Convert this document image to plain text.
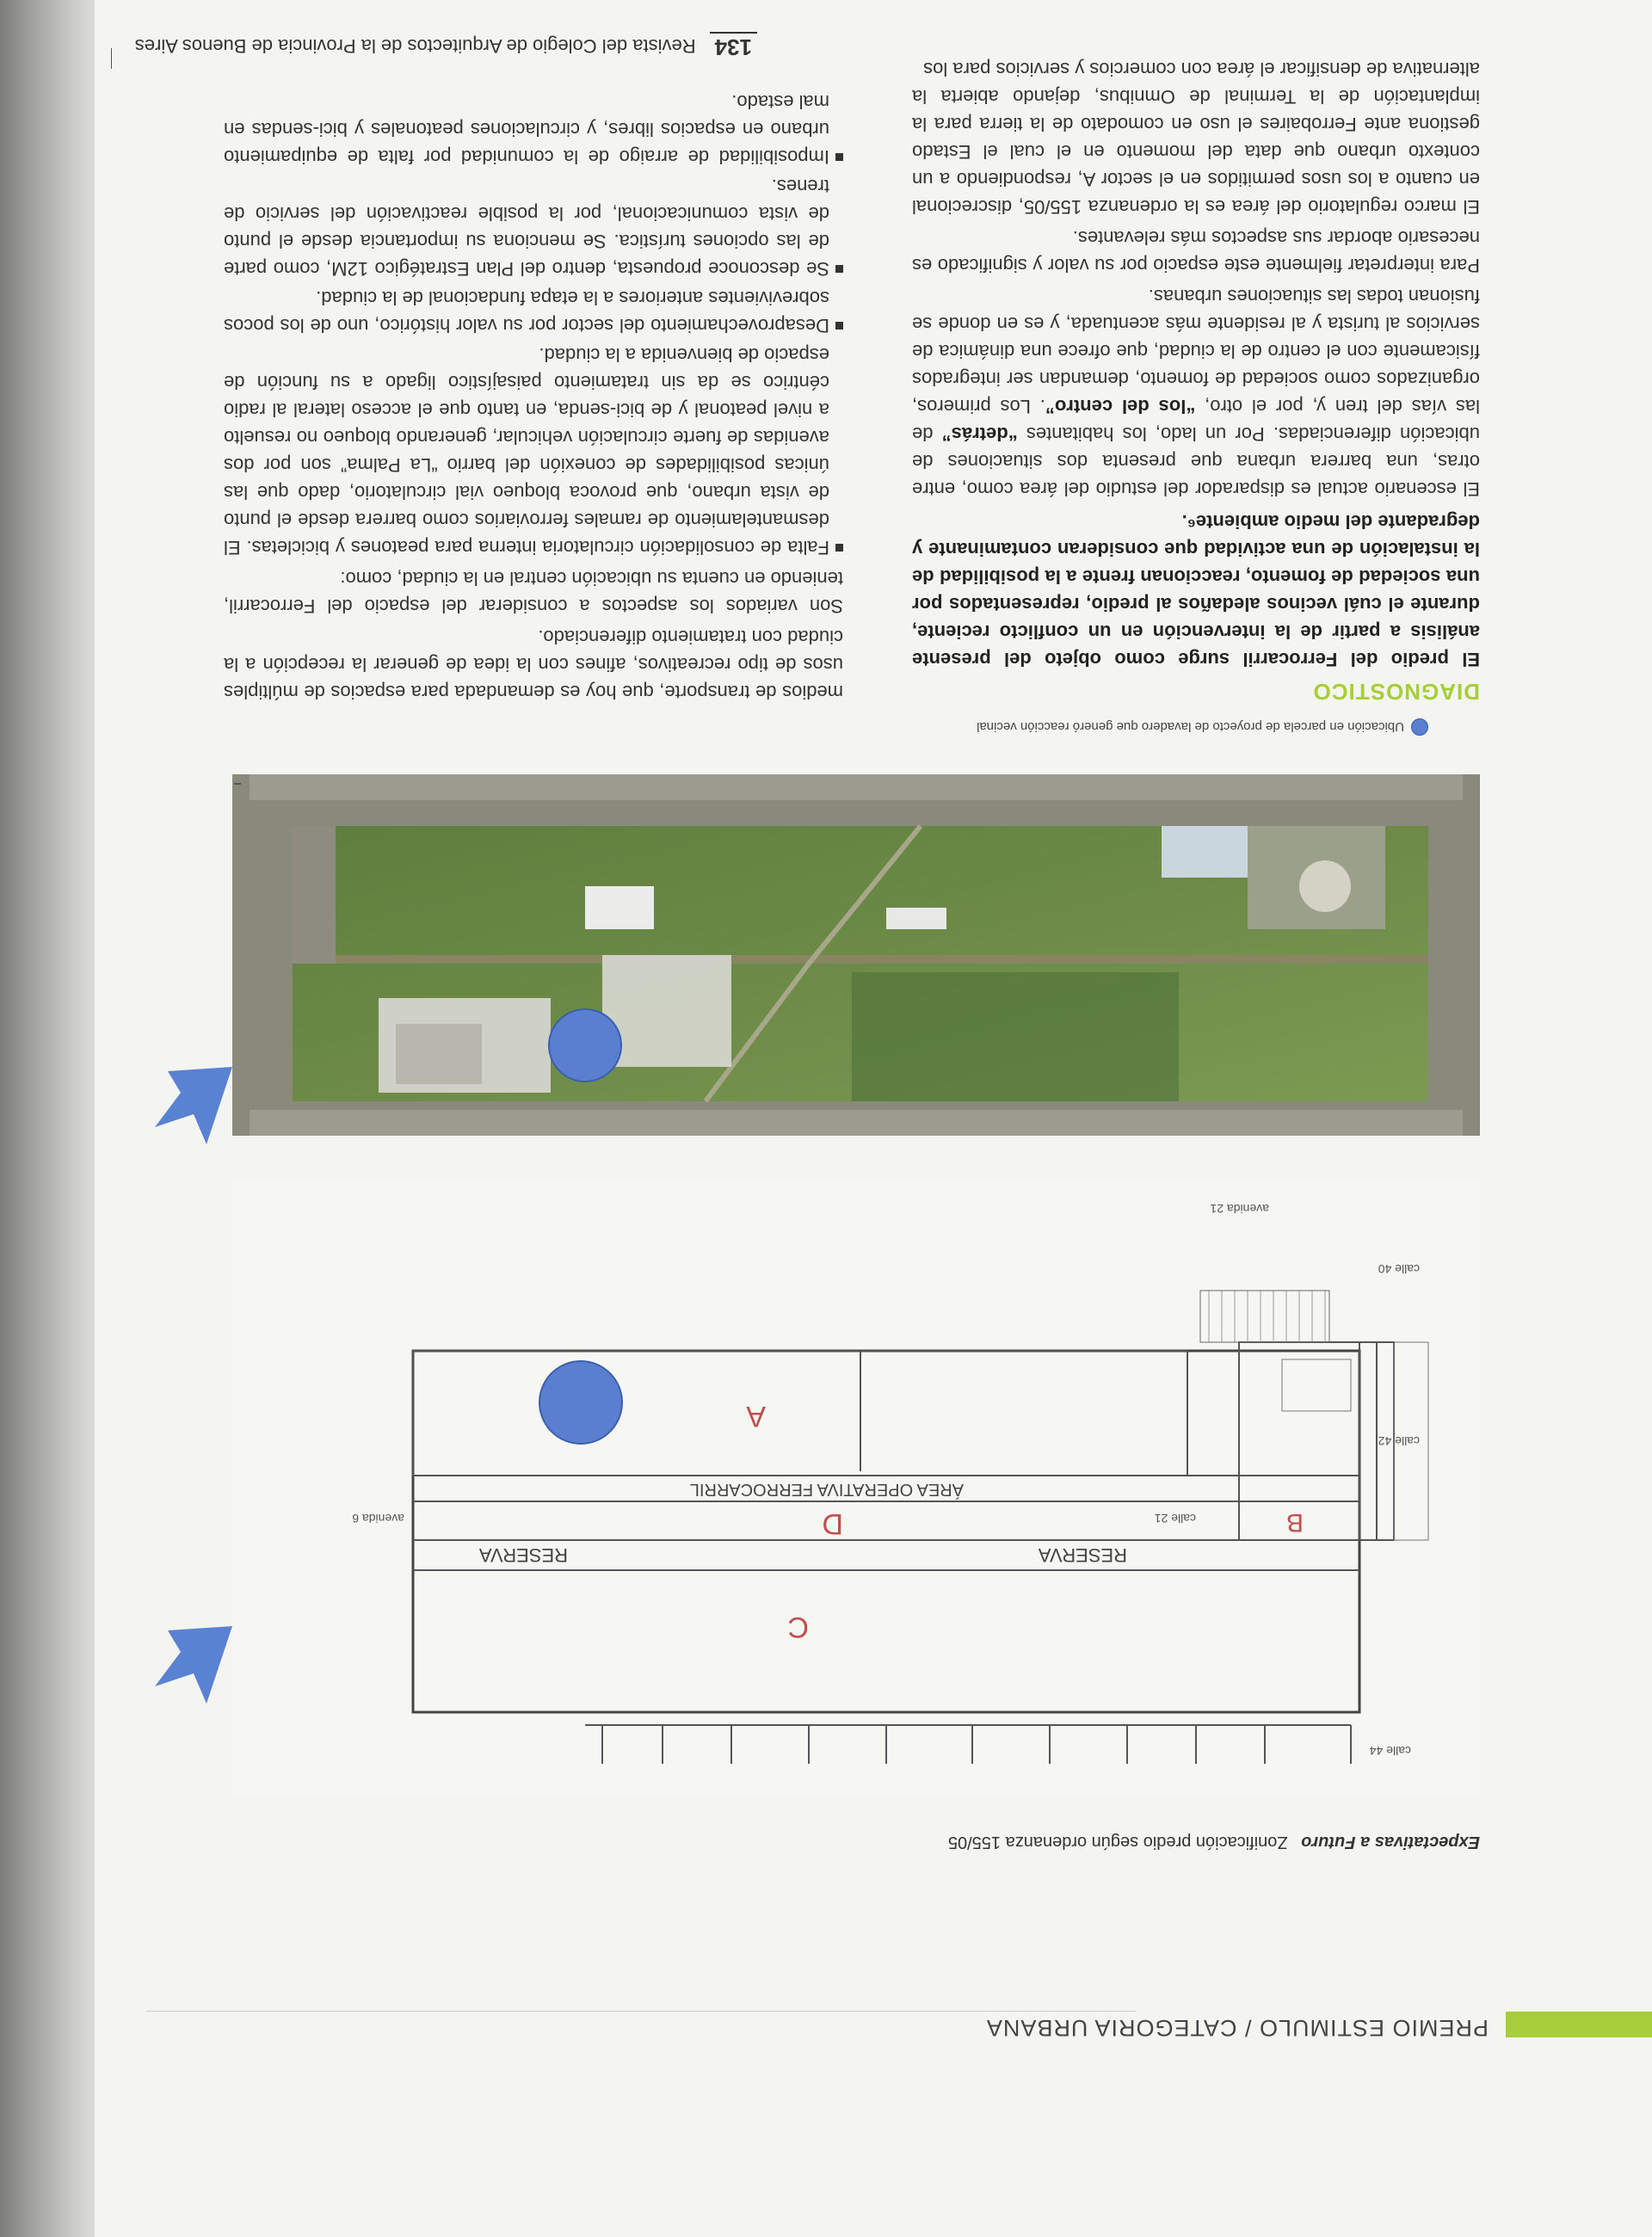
PREMIO ESTIMULO / CATEGORIA URBANA
Expectativas a Futuro Zonificación predio según ordenanza 155/05
A
B
C
D
RESERVA	RESERVA
ÁREA OPERATIVA FERROCARRIL
calle 44
calle 42
calle 40
avenida 6
avenida 21
calle 21
Ubicación en parcela de proyecto de lavadero que generó reacción vecinal
DIAGNOSTICO

El predio del Ferrocarril surge como objeto del presente análisis a partir de la intervención en un conflicto reciente, durante el cuál vecinos aledaños al predio, representados por una sociedad de fomento, reaccionan frente a la posibilidad de la instalación de una actividad que consideran contaminante y degradante del medio ambiente⁶.

El escenario actual es disparador del estudio del área como, entre otras, una barrera urbana que presenta dos situaciones de ubicación diferenciadas. Por un lado, los habitantes “detrás” de las vías del tren y, por el otro, “los del centro”. Los primeros, organizados como sociedad de fomento, demandan ser integrados físicamente con el centro de la ciudad, que ofrece una dinámica de servicios al turista y al residente más acentuada, y es en donde se fusionan todas las situaciones urbanas.

Para interpretar fielmente este espacio por su valor y significado es necesario abordar sus aspectos más relevantes.

El marco regulatorio del área es la ordenanza 155/05, discrecional en cuanto a los usos permitidos en el sector A, respondiendo a un contexto urbano que data del momento en el cual el Estado gestiona ante Ferrobaires el uso en comodato de la tierra para la implantación de la Terminal de Omnibus, dejando abierta la alternativa de densificar el área con comercios y servicios para los

medios de transporte, que hoy es demandada para espacios de múltiples usos de tipo recreativos, afines con la idea de generar la recepción a la ciudad con tratamiento diferenciado.

Son variados los aspectos a considerar del espacio del Ferrocarril, teniendo en cuenta su ubicación central en la ciudad, como:

Falta de consolidación circulatoria interna para peatones y bicicletas. El desmantelamiento de ramales ferroviarios como barrera desde el punto de vista urbano, que provoca bloqueo vial circulatorio, dado que las únicas posibilidades de conexión del barrio “La Palma” son por dos avenidas de fuerte circulación vehicular, generando bloqueo no resuelto a nivel peatonal y de bici-senda, en tanto que el acceso lateral al radio céntrico se da sin tratamiento paisajístico ligado a su función de espacio de bienvenida a la ciudad.
Desaprovechamiento del sector por su valor histórico, uno de los pocos sobrevivientes anteriores a la etapa fundacional de la ciudad.
Se desconoce propuesta, dentro del Plan Estratégico 12M, como parte de las opciones turística. Se menciona su importancia desde el punto de vista comunicacional, por la posible reactivación del servicio de trenes.
Imposibilidad de arraigo de la comunidad por falta de equipamiento urbano en espacios libres, y circulaciones peatonales y bici-sendas en mal estado.
134
Revista del Colegio de Arquitectos de la Provincia de Buenos Aires
